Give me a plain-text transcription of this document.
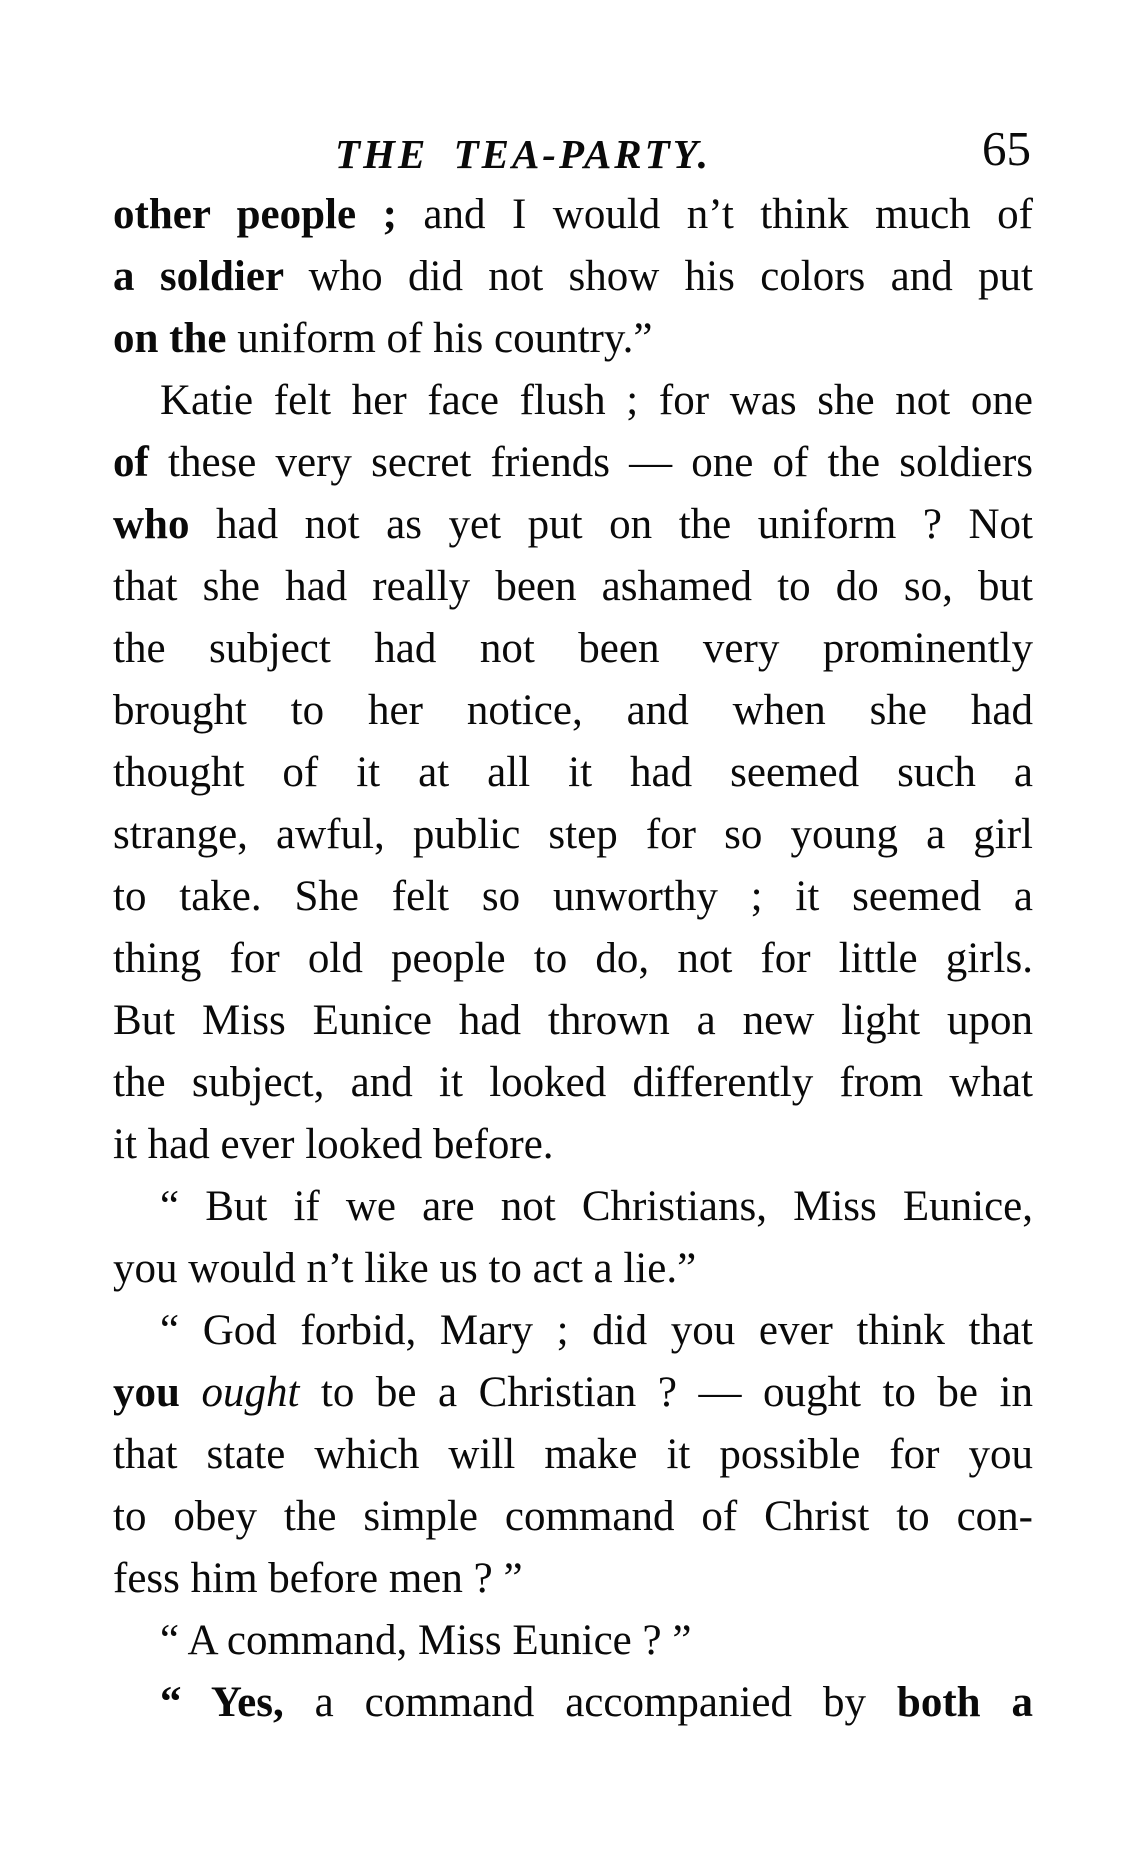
THE TEA-PARTY.	65
other people ; and I would n’t think much of
a soldier who did not show his colors and put
on the uniform of his country.”
Katie felt her face flush ; for was she not one
of these very secret friends — one of the soldiers
who had not as yet put on the uniform ? Not
that she had really been ashamed to do so, but
the subject had not been very prominently
brought to her notice, and when she had
thought of it at all it had seemed such a
strange, awful, public step for so young a girl
to take. She felt so unworthy ; it seemed a
thing for old people to do, not for little girls.
But Miss Eunice had thrown a new light upon
the subject, and it looked differently from what
it had ever looked before.
“ But if we are not Christians, Miss Eunice,
you would n’t like us to act a lie.”
“ God forbid, Mary ; did you ever think that
you ought to be a Christian ? — ought to be in
that state which will make it possible for you
to obey the simple command of Christ to con-
fess him before men ? ”
“ A command, Miss Eunice ? ”
“ Yes, a command accompanied by both a
